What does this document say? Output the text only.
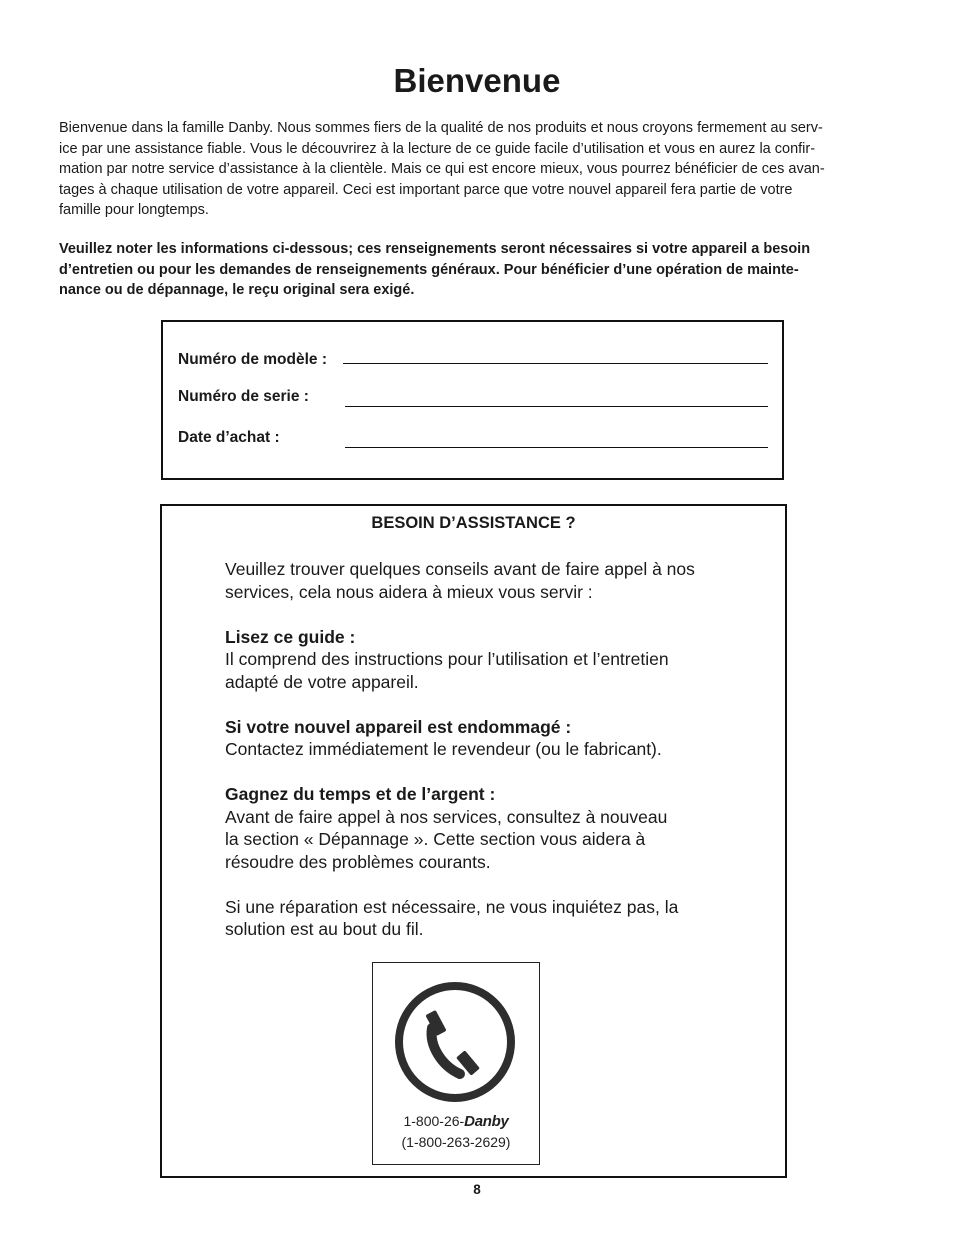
Bienvenue
Bienvenue dans la famille Danby. Nous sommes fiers de la qualité de nos produits et nous croyons fermement au serv-
ice par une assistance fiable. Vous le découvrirez à la lecture de ce guide facile d’utilisation et vous en aurez la confir-
mation par notre service d’assistance à la clientèle. Mais ce qui est encore mieux, vous pourrez bénéficier de ces avan-
tages à chaque utilisation de votre appareil. Ceci est important parce que votre nouvel appareil fera partie de votre
famille pour longtemps.
Veuillez noter les informations ci-dessous; ces renseignements seront nécessaires si votre appareil a besoin
d’entretien ou pour les demandes de renseignements généraux. Pour bénéficier d’une opération de mainte-
nance ou de dépannage, le reçu original sera exigé.
Numéro de modèle :
Numéro de serie :
Date d’achat :
BESOIN D’ASSISTANCE ?

Veuillez trouver quelques conseils avant de faire appel à nos
services, cela nous aidera à mieux vous servir :

Lisez ce guide :
Il comprend des instructions pour l’utilisation et l’entretien
adapté de votre appareil.

Si votre nouvel appareil est endommagé :
Contactez immédiatement le revendeur (ou le fabricant).

Gagnez du temps et de l’argent :
Avant de faire appel à nos services, consultez à nouveau
la section « Dépannage ». Cette section vous aidera à
résoudre des problèmes courants.

Si une réparation est nécessaire, ne vous inquiétez pas, la
solution est au bout du fil.

1-800-26-Danby
(1-800-263-2629)
8
